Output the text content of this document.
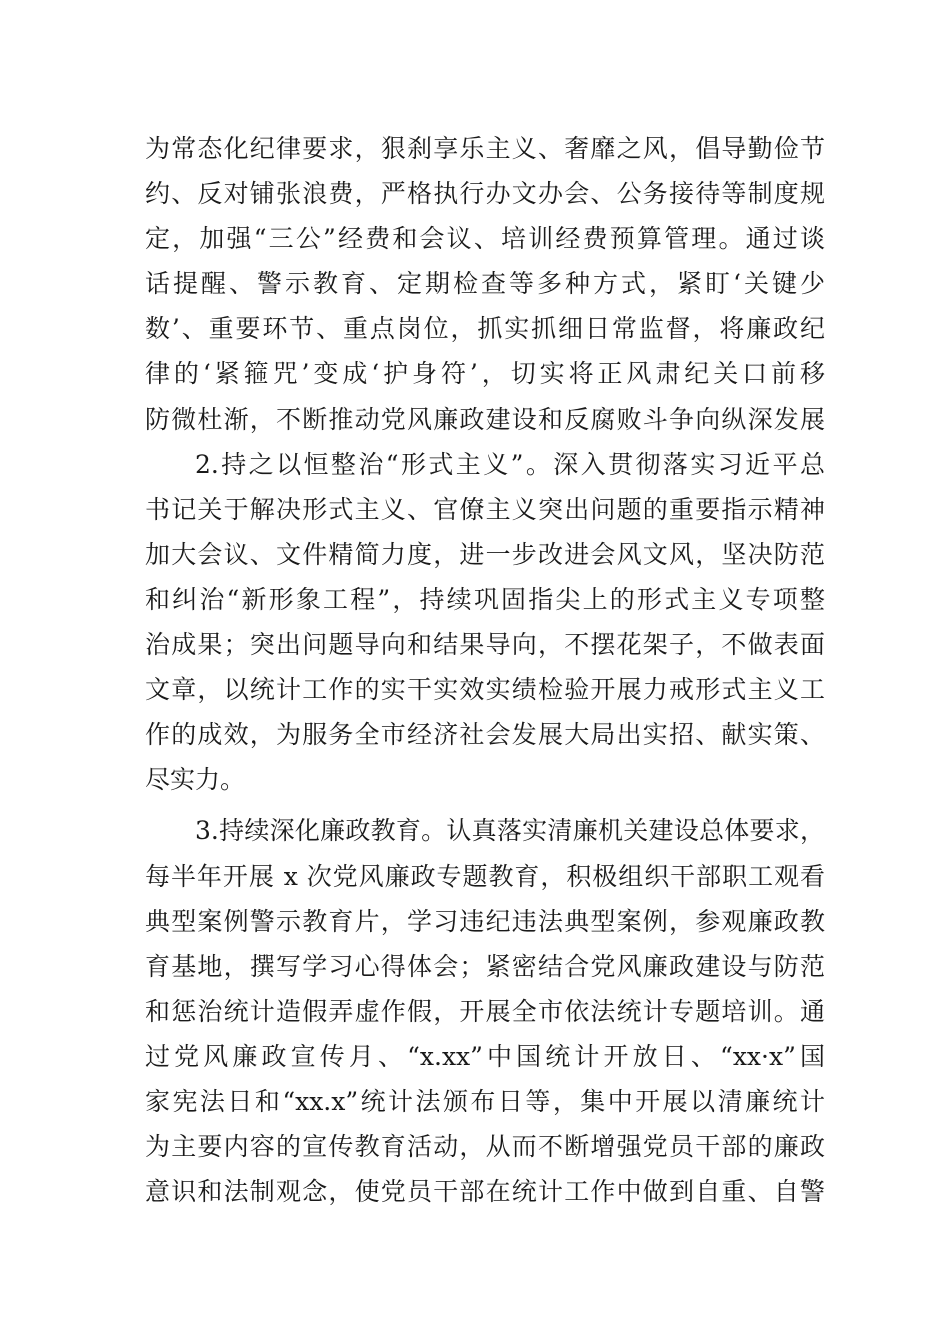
为常态化纪律要求，狠刹享乐主义、奢靡之风，倡导勤俭节
约、反对铺张浪费，严格执行办文办会、公务接待等制度规
定，加强“三公”经费和会议、培训经费预算管理。通过谈
话提醒、警示教育、定期检查等多种方式，紧盯‘关键少
数’、重要环节、重点岗位，抓实抓细日常监督，将廉政纪
律的‘紧箍咒’变成‘护身符’，切实将正风肃纪关口前移
防微杜渐，不断推动党风廉政建设和反腐败斗争向纵深发展
2.持之以恒整治“形式主义”。深入贯彻落实习近平总
书记关于解决形式主义、官僚主义突出问题的重要指示精神
加大会议、文件精简力度，进一步改进会风文风，坚决防范
和纠治“新形象工程”，持续巩固指尖上的形式主义专项整
治成果；突出问题导向和结果导向，不摆花架子，不做表面
文章，以统计工作的实干实效实绩检验开展力戒形式主义工
作的成效，为服务全市经济社会发展大局出实招、献实策、
尽实力。
3.持续深化廉政教育。认真落实清廉机关建设总体要求，
每半年开展 x 次党风廉政专题教育，积极组织干部职工观看
典型案例警示教育片，学习违纪违法典型案例，参观廉政教
育基地，撰写学习心得体会；紧密结合党风廉政建设与防范
和惩治统计造假弄虚作假，开展全市依法统计专题培训。通
过党风廉政宣传月、“x.xx”中国统计开放日、“xx·x”国
家宪法日和“xx.x”统计法颁布日等，集中开展以清廉统计
为主要内容的宣传教育活动，从而不断增强党员干部的廉政
意识和法制观念，使党员干部在统计工作中做到自重、自警
